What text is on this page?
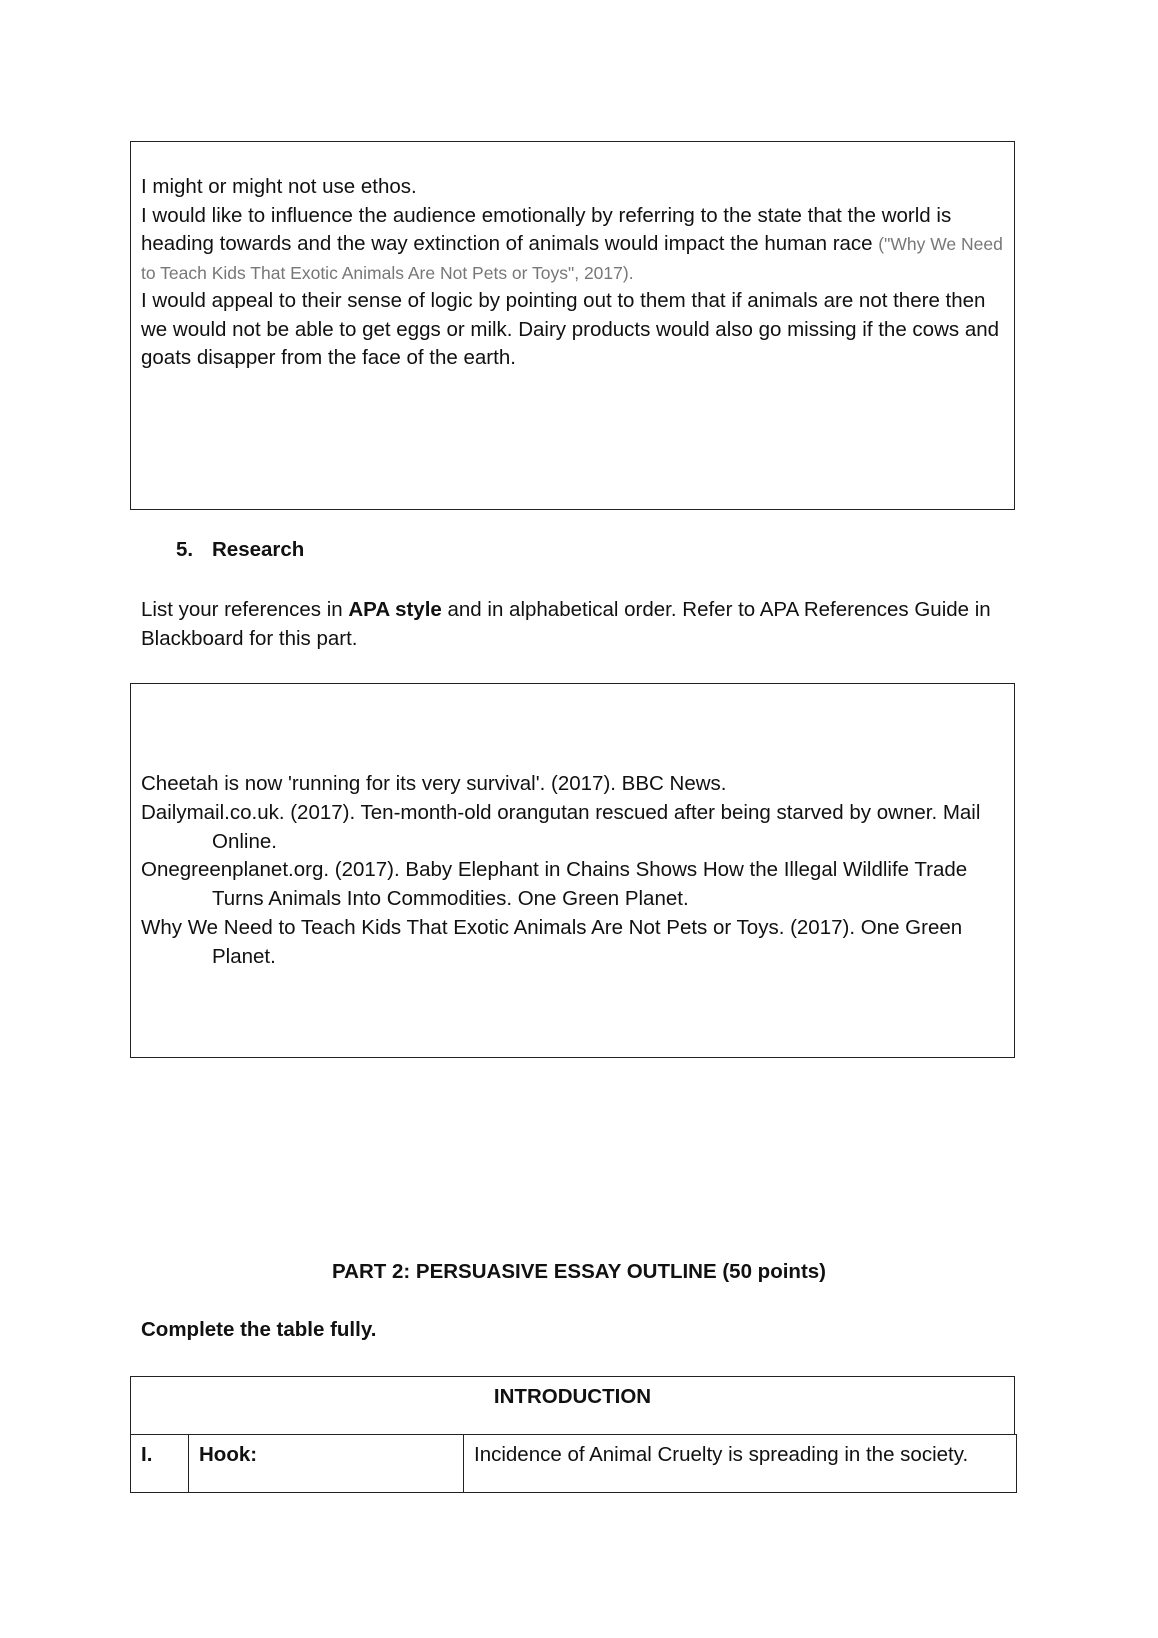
I might or might not use ethos.
I would like to influence the audience emotionally by referring to the state that the world is heading towards and the way extinction of animals would impact the human race ("Why We Need to Teach Kids That Exotic Animals Are Not Pets or Toys", 2017).
I would appeal to their sense of logic by pointing out to them that if animals are not there then we would not be able to get eggs or milk. Dairy products would also go missing if the cows and goats disapper from the face of the earth.
5. Research
List your references in APA style and in alphabetical order. Refer to APA References Guide in Blackboard for this part.
Cheetah is now 'running for its very survival'. (2017). BBC News.
Dailymail.co.uk. (2017). Ten-month-old orangutan rescued after being starved by owner. Mail Online.
Onegreenplanet.org. (2017). Baby Elephant in Chains Shows How the Illegal Wildlife Trade Turns Animals Into Commodities. One Green Planet.
Why We Need to Teach Kids That Exotic Animals Are Not Pets or Toys. (2017). One Green Planet.
PART 2: PERSUASIVE ESSAY OUTLINE (50 points)
Complete the table fully.
INTRODUCTION
I.	Hook:	Incidence of Animal Cruelty is spreading in the society.
